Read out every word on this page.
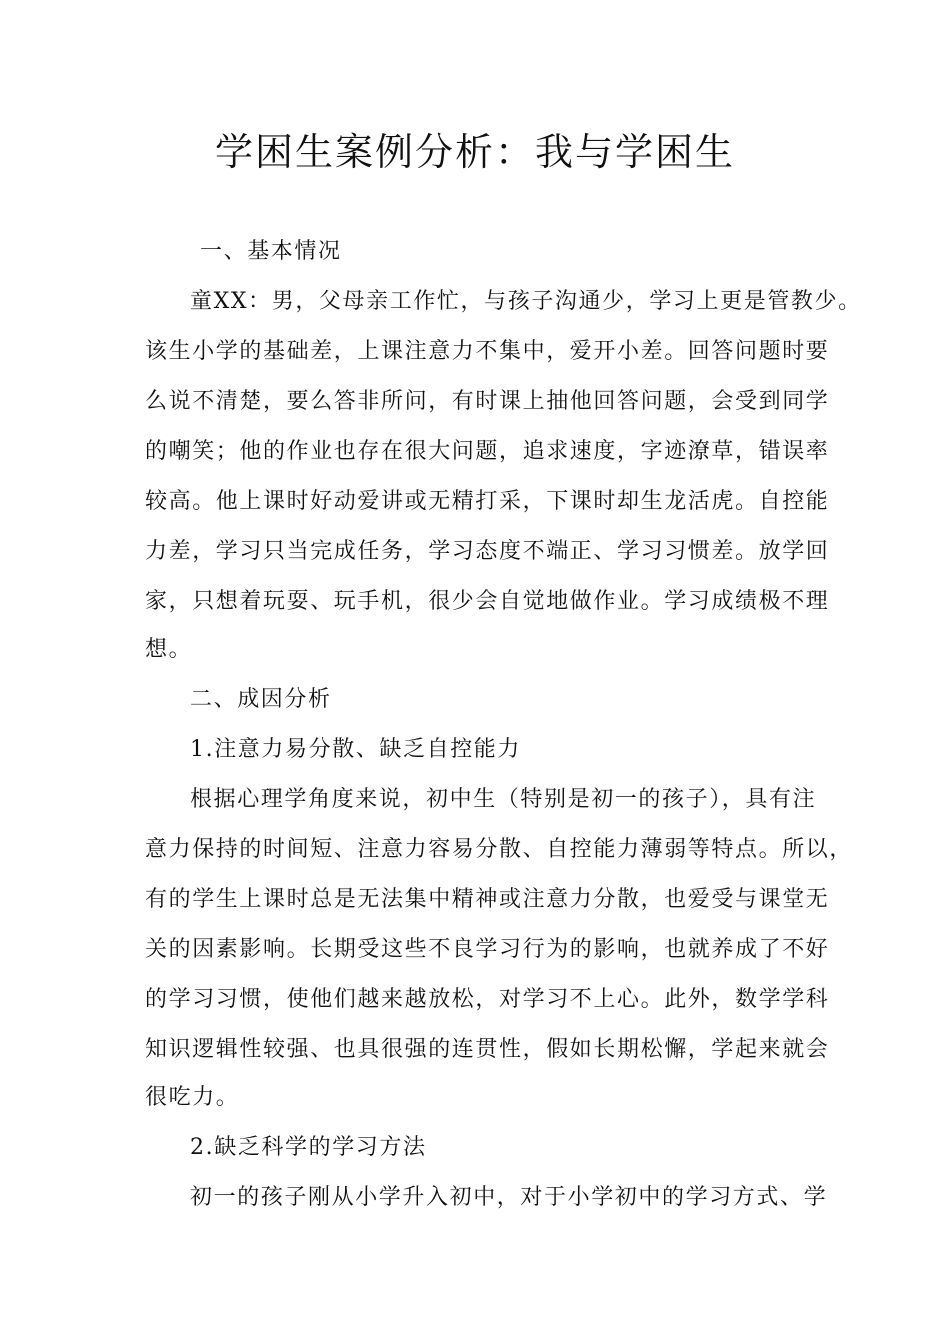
学困生案例分析：我与学困生
一、基本情况
童XX：男，父母亲工作忙，与孩子沟通少，学习上更是管教少。
该生小学的基础差，上课注意力不集中，爱开小差。回答问题时要
么说不清楚，要么答非所问，有时课上抽他回答问题，会受到同学
的嘲笑；他的作业也存在很大问题，追求速度，字迹潦草，错误率
较高。他上课时好动爱讲或无精打采，下课时却生龙活虎。自控能
力差，学习只当完成任务，学习态度不端正、学习习惯差。放学回
家，只想着玩耍、玩手机，很少会自觉地做作业。学习成绩极不理
想。
二、成因分析
1.注意力易分散、缺乏自控能力
根据心理学角度来说，初中生（特别是初一的孩子），具有注
意力保持的时间短、注意力容易分散、自控能力薄弱等特点。所以，
有的学生上课时总是无法集中精神或注意力分散，也爱受与课堂无
关的因素影响。长期受这些不良学习行为的影响，也就养成了不好
的学习习惯，使他们越来越放松，对学习不上心。此外，数学学科
知识逻辑性较强、也具很强的连贯性，假如长期松懈，学起来就会
很吃力。
2.缺乏科学的学习方法
初一的孩子刚从小学升入初中，对于小学初中的学习方式、学
